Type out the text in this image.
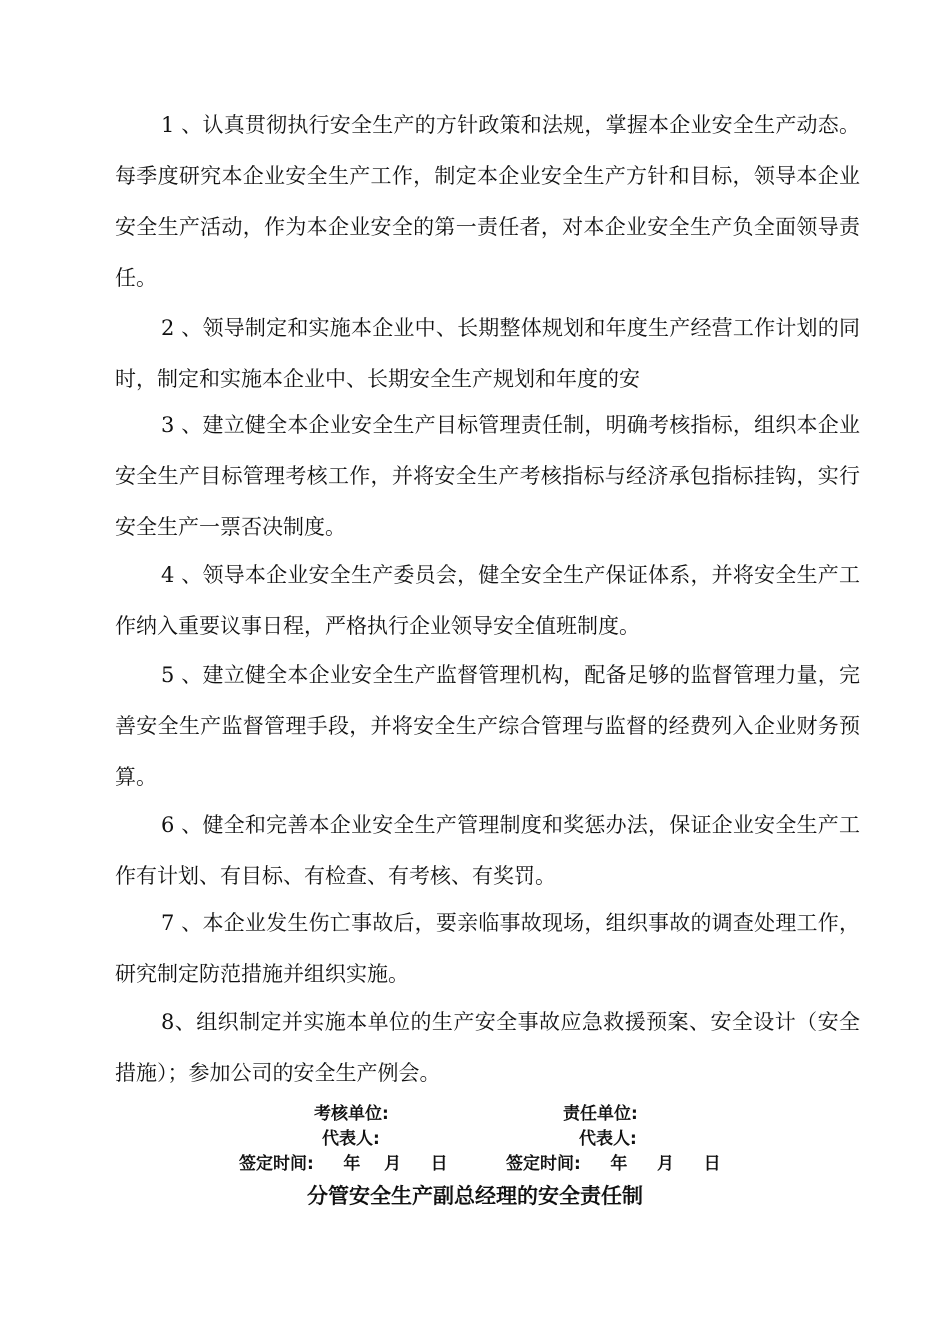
1 、认真贯彻执行安全生产的方针政策和法规，掌握本企业安全生产动态。每季度研究本企业安全生产工作，制定本企业安全生产方针和目标，领导本企业安全生产活动，作为本企业安全的第一责任者，对本企业安全生产负全面领导责任。

2 、领导制定和实施本企业中、长期整体规划和年度生产经营工作计划的同时，制定和实施本企业中、长期安全生产规划和年度的安

3 、建立健全本企业安全生产目标管理责任制，明确考核指标，组织本企业安全生产目标管理考核工作，并将安全生产考核指标与经济承包指标挂钩，实行安全生产一票否决制度。

4 、领导本企业安全生产委员会，健全安全生产保证体系，并将安全生产工作纳入重要议事日程，严格执行企业领导安全值班制度。

5 、建立健全本企业安全生产监督管理机构，配备足够的监督管理力量，完善安全生产监督管理手段，并将安全生产综合管理与监督的经费列入企业财务预算。

6 、健全和完善本企业安全生产管理制度和奖惩办法，保证企业安全生产工作有计划、有目标、有检查、有考核、有奖罚。

7 、本企业发生伤亡事故后，要亲临事故现场，组织事故的调查处理工作，研究制定防范措施并组织实施。

8、组织制定并实施本单位的生产安全事故应急救援预案、安全设计（安全措施）；参加公司的安全生产例会。

考核单位:	责任单位:
代表人:	代表人:
签定时间:     年    月     日	签定时间:     年     月     日
分管安全生产副总经理的安全责任制
